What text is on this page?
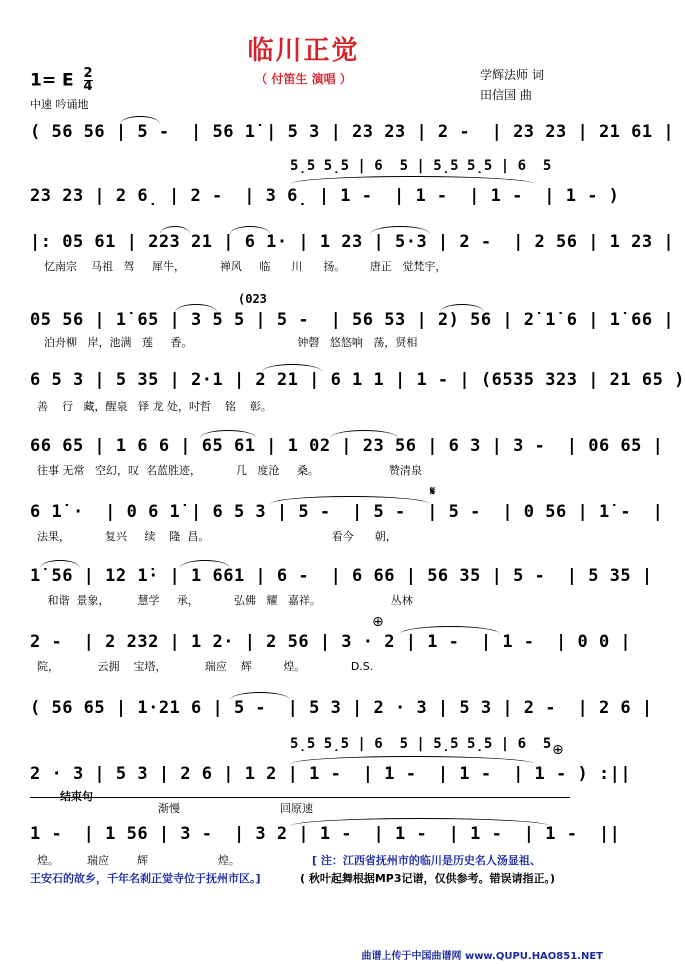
临川正觉
（ 付笛生 演唱 ）	学辉法师 词
田信国 曲
1= E $\frac{2}{4}$
中速 吟诵地
5̣5 5̣5 | 6  5 | 5̣5 5̣5 | 6  5
5̣5 5̣5 | 6  5 | 5̣5 5̣5 | 6  5
( 56 56 | 5 -  | 56 1̇ | 5 3 | 23 23 | 2 -  | 23 23 | 21 61 |
23 23 | 2 6̣ | 2 -  | 3 6̣ | 1 -  | 1 -  | 1 -  | 1 - )
|: 05 61 | 223 21 | 6 1· | 1 23 | 5·3 | 2 -  | 2 56 | 1 23 |
忆南宗    马祖   驾     犀牛，          禅风     临      川      扬。       唐正   觉梵宇，
(023
05 56 | 1̇ 65 | 3 5 5 | 5 -  | 56 53 | 2) 56 | 2̇ 1̇ 6 | 1̇ 66 |
泊舟柳   岸，池满   莲     香。                              钟磬   悠悠响   荡，贤相
6 5 3 | 5 35 | 2·1 | 2 21 | 6 1 1 | 1 - | (6535 323 | 21 65 )
善    行   藏，醒泉   铎 龙 处，吋哲    铭    彰。
66 65 | 1 6 6 | 65 61 | 1 02 | 23 56 | 6 3 | 3 -  | 06 65 |
往事 无常   空幻，叹  名蓝胜迹，          几   度沧     桑。                    赞清泉
𝄋
6 1̇ ·  | 0 6 1̇ | 6 5 3 | 5 -  | 5 -  | 5 -  | 0 56 | 1̇ -  |
法果，          复兴     续    隆  昌。                                   看今      朝，
1̇ 56 | 1̇2 1̇· | 1 661 | 6 -  | 6 66 | 56 35 | 5 -  | 5 35 |
和谐  景象，        慧学     承，          弘佛   耀   嘉祥。                    丛林
⊕
2 -  | 2 232 | 1 2· | 2 56 | 3 · 2 | 1 -  | 1 -  | 0 0 |
院，           云拥    宝塔，           瑞应    辉         煌。             D.S.
( 56 65 | 1·21 6 | 5 -  | 5 3 | 2 · 3 | 5 3 | 2 -  | 2 6 |
⊕
2 · 3 | 5 3 | 2 6 | 1 2 | 1 -  | 1 -  | 1 -  | 1 - ) :||
结束句
渐慢	回原速
1 -  | 1 56 | 3 -  | 3 2 | 1 -  | 1 -  | 1 -  | 1 -  ||
煌。        瑞应        辉                    煌。	[ 注：江西省抚州市的临川是历史名人汤显祖、
王安石的故乡，千年名刹正觉寺位于抚州市区。]	( 秋叶起舞根据MP3记谱，仅供参考。错误请指正。)
曲谱上传于中国曲谱网 www.QUPU.HAO851.NET
